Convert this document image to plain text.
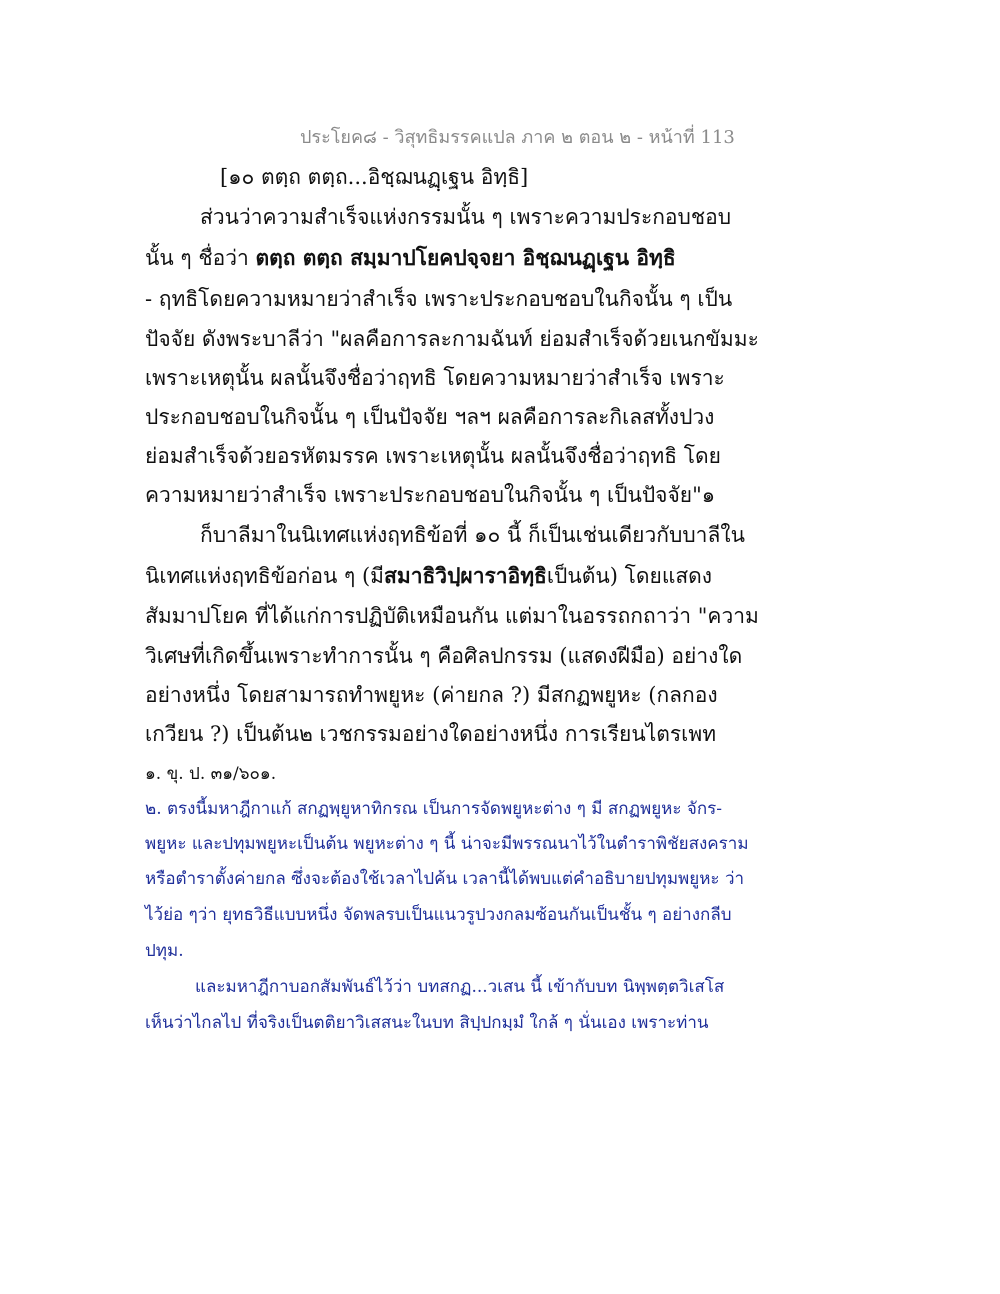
ประโยค๘ - วิสุทธิมรรคแปล ภาค ๒ ตอน ๒ - หน้าที่ 113
[๑๐ ตตฺถ ตตฺถ...อิชฺฌนฏฺเฐน อิทฺธิ]
ส่วนว่าความสำเร็จแห่งกรรมนั้น ๆ เพราะความประกอบชอบ
นั้น ๆ ชื่อว่า ตตฺถ ตตฺถ สมฺมาปโยคปจฺจยา อิชฺฌนฏฺเฐน อิทฺธิ
- ฤทธิโดยความหมายว่าสำเร็จ เพราะประกอบชอบในกิจนั้น ๆ เป็น
ปัจจัย ดังพระบาลีว่า "ผลคือการละกามฉันท์ ย่อมสำเร็จด้วยเนกขัมมะ
เพราะเหตุนั้น ผลนั้นจึงชื่อว่าฤทธิ โดยความหมายว่าสำเร็จ เพราะ
ประกอบชอบในกิจนั้น ๆ เป็นปัจจัย ฯลฯ ผลคือการละกิเลสทั้งปวง
ย่อมสำเร็จด้วยอรหัตมรรค เพราะเหตุนั้น ผลนั้นจึงชื่อว่าฤทธิ โดย
ความหมายว่าสำเร็จ เพราะประกอบชอบในกิจนั้น ๆ เป็นปัจจัย"๑
ก็บาลีมาในนิเทศแห่งฤทธิข้อที่ ๑๐ นี้ ก็เป็นเช่นเดียวกับบาลีใน
นิเทศแห่งฤทธิข้อก่อน ๆ (มีสมาธิวิปฺผาราอิทฺธิเป็นต้น) โดยแสดง
สัมมาปโยค ที่ได้แก่การปฏิบัติเหมือนกัน แต่มาในอรรถกถาว่า "ความ
วิเศษที่เกิดขึ้นเพราะทำการนั้น ๆ คือศิลปกรรม (แสดงฝีมือ) อย่างใด
อย่างหนึ่ง โดยสามารถทำพยูหะ (ค่ายกล ?) มีสกฏพยูหะ (กลกอง
เกวียน ?) เป็นต้น๒ เวชกรรมอย่างใดอย่างหนึ่ง การเรียนไตรเพท
๑. ขุ. ป. ๓๑/๖๐๑.
๒. ตรงนี้มหาฎีกาแก้ สกฏพฺยูหาทิกรณ เป็นการจัดพยูหะต่าง ๆ มี สกฏพยูหะ จักร-
พยูหะ และปทุมพยูหะเป็นต้น พยูหะต่าง ๆ นี้ น่าจะมีพรรณนาไว้ในตำราพิชัยสงคราม
หรือตำราตั้งค่ายกล ซึ่งจะต้องใช้เวลาไปค้น เวลานี้ได้พบแต่คำอธิบายปทุมพยูหะ ว่า
ไว้ย่อ ๆว่า ยุทธวิธีแบบหนึ่ง จัดพลรบเป็นแนวรูปวงกลมซ้อนกันเป็นชั้น ๆ อย่างกลีบ
ปทุม.
และมหาฎีกาบอกสัมพันธ์ไว้ว่า บทสกฏ...วเสน นี้ เข้ากับบท นิพฺพตฺตวิเสโส
เห็นว่าไกลไป ที่จริงเป็นตติยาวิเสสนะในบท สิปฺปกมฺมํ ใกล้ ๆ นั่นเอง เพราะท่าน
